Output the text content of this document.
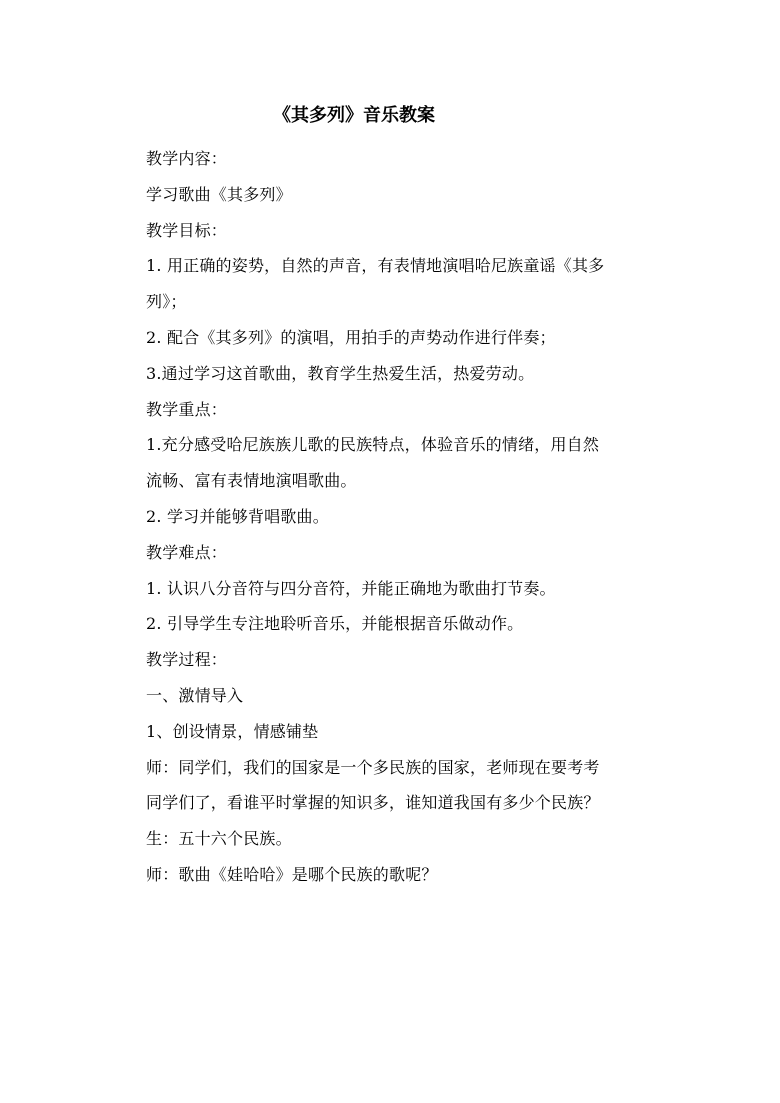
《其多列》音乐教案
教学内容：
学习歌曲《其多列》
教学目标：
1. 用正确的姿势，自然的声音，有表情地演唱哈尼族童谣《其多
列》；
2. 配合《其多列》的演唱，用拍手的声势动作进行伴奏；
3.通过学习这首歌曲，教育学生热爱生活，热爱劳动。
教学重点：
1.充分感受哈尼族族儿歌的民族特点，体验音乐的情绪，用自然
流畅、富有表情地演唱歌曲。
2. 学习并能够背唱歌曲。
教学难点：
1. 认识八分音符与四分音符，并能正确地为歌曲打节奏。
2. 引导学生专注地聆听音乐，并能根据音乐做动作。
教学过程：
一、激情导入
1、创设情景，情感铺垫
师：同学们，我们的国家是一个多民族的国家，老师现在要考考
同学们了，看谁平时掌握的知识多，谁知道我国有多少个民族？
生：五十六个民族。
师：歌曲《娃哈哈》是哪个民族的歌呢？
